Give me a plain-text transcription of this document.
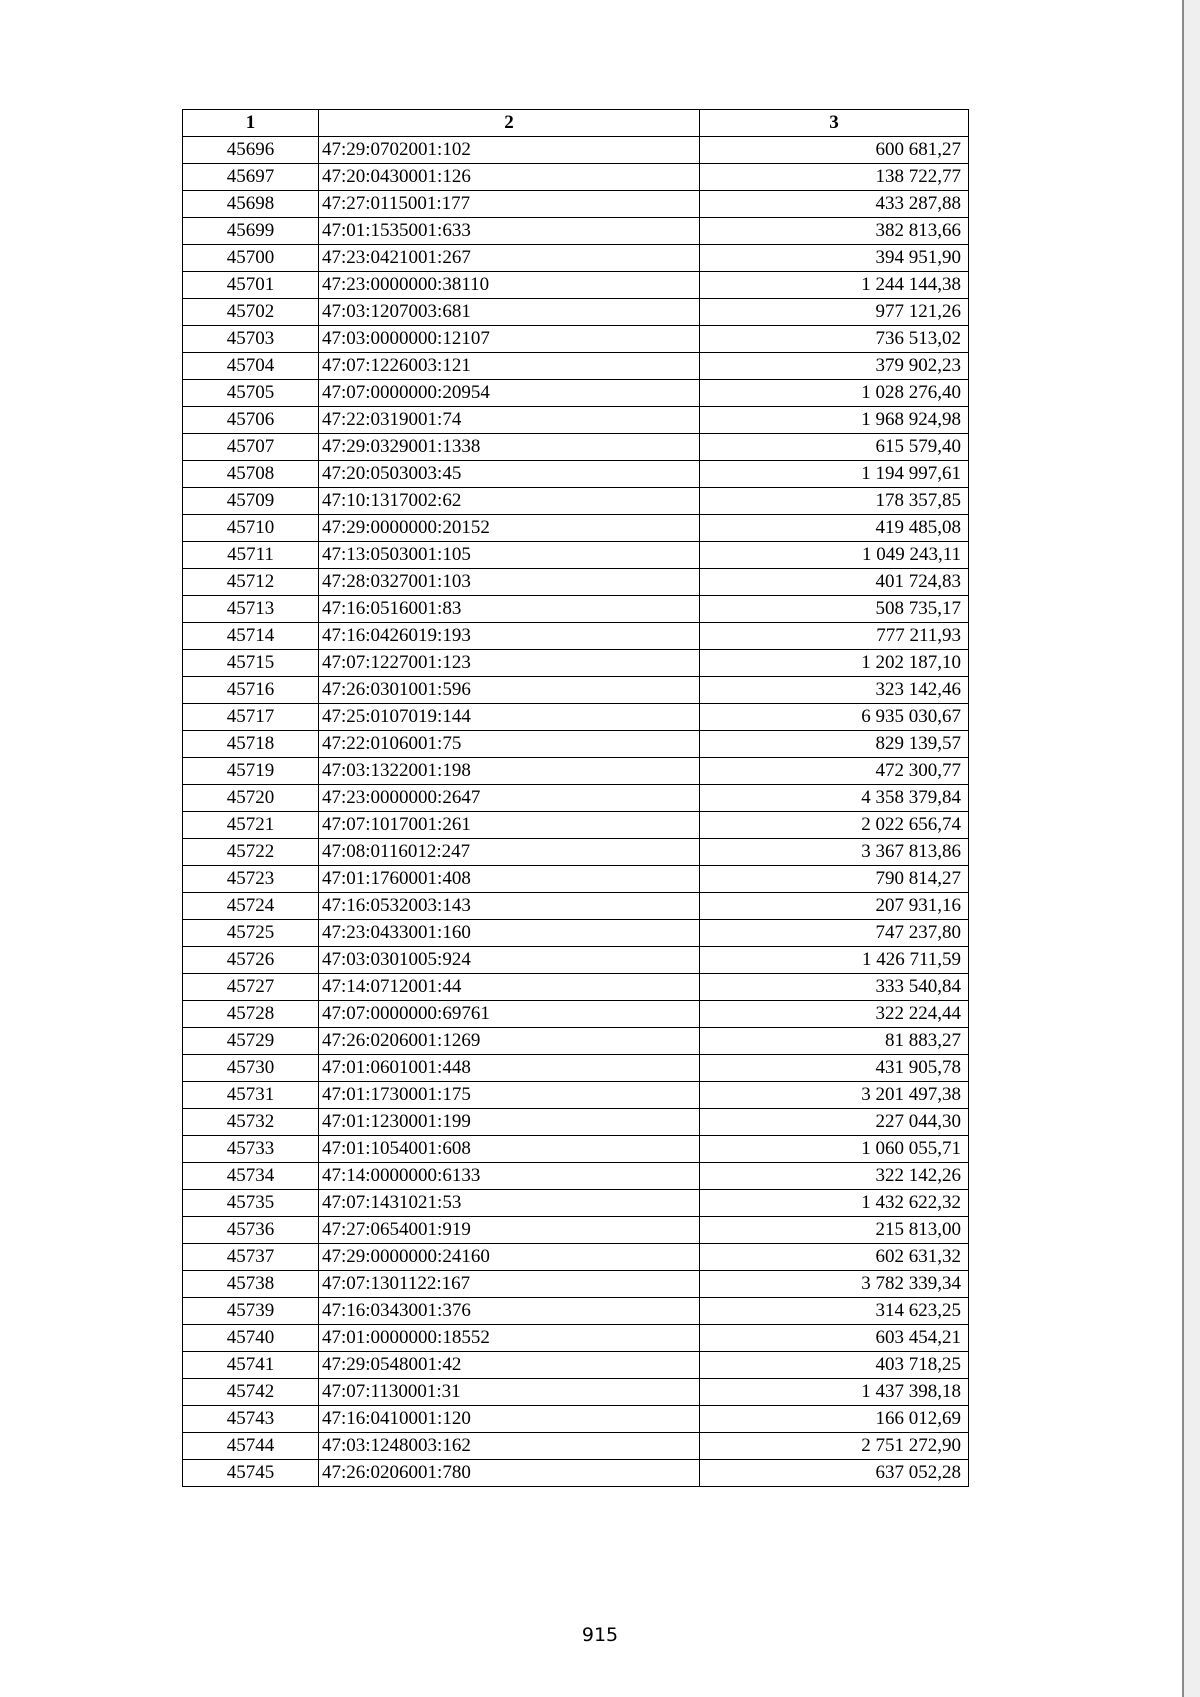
1	2	3
45696	47:29:0702001:102	600 681,27
45697	47:20:0430001:126	138 722,77
45698	47:27:0115001:177	433 287,88
45699	47:01:1535001:633	382 813,66
45700	47:23:0421001:267	394 951,90
45701	47:23:0000000:38110	1 244 144,38
45702	47:03:1207003:681	977 121,26
45703	47:03:0000000:12107	736 513,02
45704	47:07:1226003:121	379 902,23
45705	47:07:0000000:20954	1 028 276,40
45706	47:22:0319001:74	1 968 924,98
45707	47:29:0329001:1338	615 579,40
45708	47:20:0503003:45	1 194 997,61
45709	47:10:1317002:62	178 357,85
45710	47:29:0000000:20152	419 485,08
45711	47:13:0503001:105	1 049 243,11
45712	47:28:0327001:103	401 724,83
45713	47:16:0516001:83	508 735,17
45714	47:16:0426019:193	777 211,93
45715	47:07:1227001:123	1 202 187,10
45716	47:26:0301001:596	323 142,46
45717	47:25:0107019:144	6 935 030,67
45718	47:22:0106001:75	829 139,57
45719	47:03:1322001:198	472 300,77
45720	47:23:0000000:2647	4 358 379,84
45721	47:07:1017001:261	2 022 656,74
45722	47:08:0116012:247	3 367 813,86
45723	47:01:1760001:408	790 814,27
45724	47:16:0532003:143	207 931,16
45725	47:23:0433001:160	747 237,80
45726	47:03:0301005:924	1 426 711,59
45727	47:14:0712001:44	333 540,84
45728	47:07:0000000:69761	322 224,44
45729	47:26:0206001:1269	81 883,27
45730	47:01:0601001:448	431 905,78
45731	47:01:1730001:175	3 201 497,38
45732	47:01:1230001:199	227 044,30
45733	47:01:1054001:608	1 060 055,71
45734	47:14:0000000:6133	322 142,26
45735	47:07:1431021:53	1 432 622,32
45736	47:27:0654001:919	215 813,00
45737	47:29:0000000:24160	602 631,32
45738	47:07:1301122:167	3 782 339,34
45739	47:16:0343001:376	314 623,25
45740	47:01:0000000:18552	603 454,21
45741	47:29:0548001:42	403 718,25
45742	47:07:1130001:31	1 437 398,18
45743	47:16:0410001:120	166 012,69
45744	47:03:1248003:162	2 751 272,90
45745	47:26:0206001:780	637 052,28
915
